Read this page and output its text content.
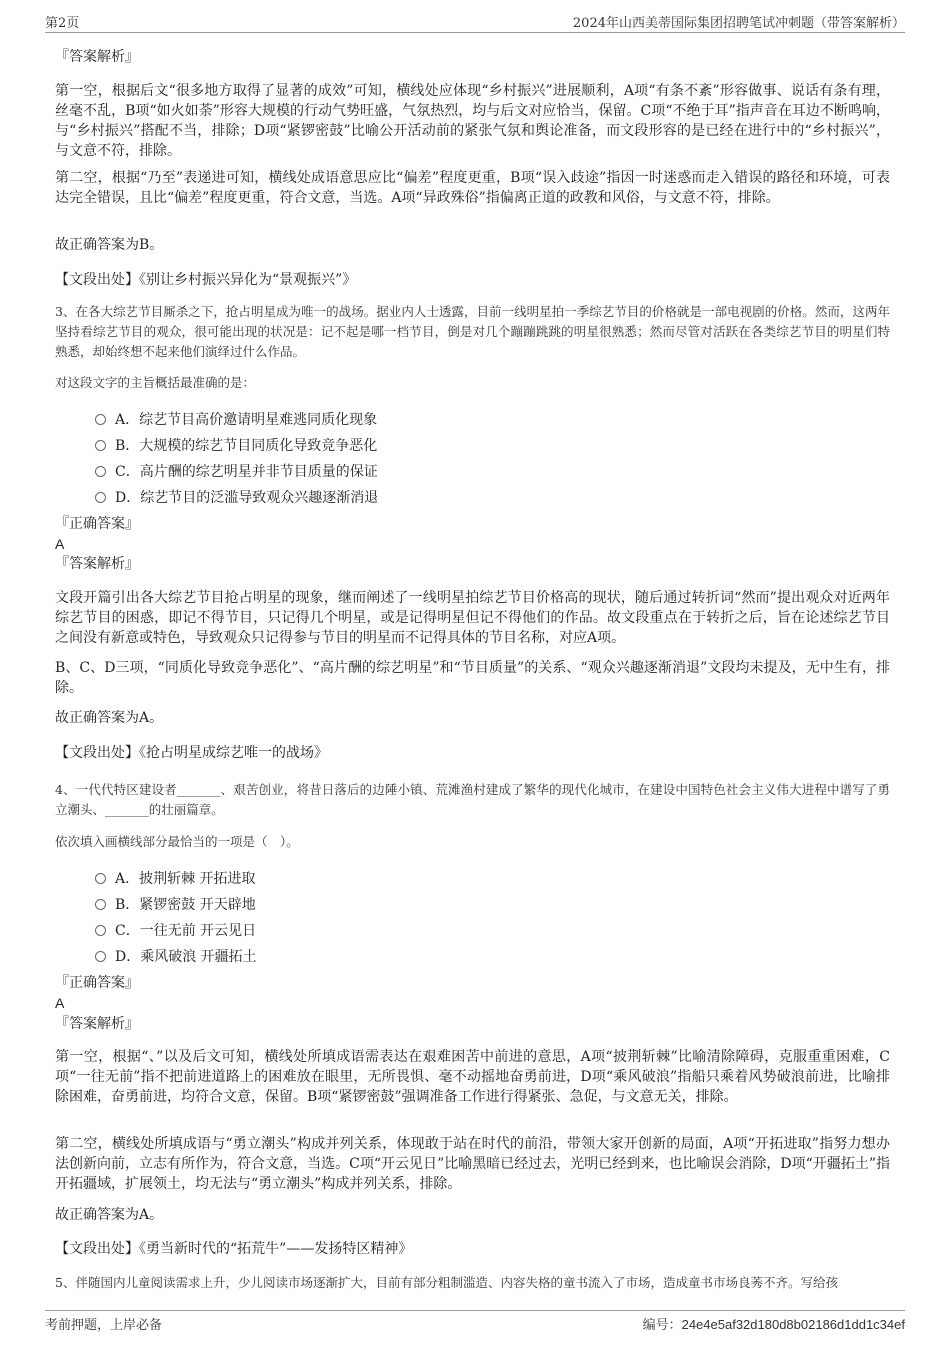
第2页	2024年山西美蒂国际集团招聘笔试冲刺题（带答案解析）

『答案解析』

第一空，根据后文“很多地方取得了显著的成效”可知，横线处应体现“乡村振兴”进展顺利，A项“有条不紊”形容做事、说话有条有理，丝毫不乱，B项“如火如荼”形容大规模的行动气势旺盛，气氛热烈，均与后文对应恰当，保留。C项“不绝于耳”指声音在耳边不断鸣响，与“乡村振兴”搭配不当，排除；D项“紧锣密鼓”比喻公开活动前的紧张气氛和舆论准备，而文段形容的是已经在进行中的“乡村振兴”，与文意不符，排除。

第二空，根据“乃至”表递进可知，横线处成语意思应比“偏差”程度更重，B项“误入歧途”指因一时迷惑而走入错误的路径和环境，可表达完全错误，且比“偏差”程度更重，符合文意，当选。A项“异政殊俗”指偏离正道的政教和风俗，与文意不符，排除。

故正确答案为B。

【文段出处】《别让乡村振兴异化为“景观振兴”》

3、在各大综艺节目厮杀之下，抢占明星成为唯一的战场。据业内人士透露，目前一线明星拍一季综艺节目的价格就是一部电视剧的价格。然而，这两年坚持看综艺节目的观众，很可能出现的状况是：记不起是哪一档节目，倒是对几个蹦蹦跳跳的明星很熟悉；然而尽管对活跃在各类综艺节目的明星们特熟悉，却始终想不起来他们演绎过什么作品。

对这段文字的主旨概括最准确的是：

A．综艺节目高价邀请明星难逃同质化现象
B．大规模的综艺节目同质化导致竞争恶化
C．高片酬的综艺明星并非节目质量的保证
D．综艺节目的泛滥导致观众兴趣逐渐消退

『正确答案』

A

『答案解析』

文段开篇引出各大综艺节目抢占明星的现象，继而阐述了一线明星拍综艺节目价格高的现状，随后通过转折词“然而”提出观众对近两年综艺节目的困惑，即记不得节目，只记得几个明星，或是记得明星但记不得他们的作品。故文段重点在于转折之后，旨在论述综艺节目之间没有新意或特色，导致观众只记得参与节目的明星而不记得具体的节目名称，对应A项。

B、C、D三项，“同质化导致竞争恶化”、“高片酬的综艺明星”和“节目质量”的关系、“观众兴趣逐渐消退”文段均未提及，无中生有，排除。

故正确答案为A。

【文段出处】《抢占明星成综艺唯一的战场》

4、一代代特区建设者_______、艰苦创业，将昔日落后的边陲小镇、荒滩渔村建成了繁华的现代化城市，在建设中国特色社会主义伟大进程中谱写了勇立潮头、_______的壮丽篇章。

依次填入画横线部分最恰当的一项是（　）。

A．披荆斩棘 开拓进取
B．紧锣密鼓 开天辟地
C．一往无前 开云见日
D．乘风破浪 开疆拓土

『正确答案』

A

『答案解析』

第一空，根据“、”以及后文可知，横线处所填成语需表达在艰难困苦中前进的意思，A项“披荆斩棘”比喻清除障碍，克服重重困难，C项“一往无前”指不把前进道路上的困难放在眼里，无所畏惧、毫不动摇地奋勇前进，D项“乘风破浪”指船只乘着风势破浪前进，比喻排除困难，奋勇前进，均符合文意，保留。B项“紧锣密鼓”强调准备工作进行得紧张、急促，与文意无关，排除。

第二空，横线处所填成语与“勇立潮头”构成并列关系，体现敢于站在时代的前沿，带领大家开创新的局面，A项“开拓进取”指努力想办法创新向前，立志有所作为，符合文意，当选。C项“开云见日”比喻黑暗已经过去，光明已经到来，也比喻误会消除，D项“开疆拓土”指开拓疆域，扩展领土，均无法与“勇立潮头”构成并列关系，排除。

故正确答案为A。

【文段出处】《勇当新时代的“拓荒牛”——发扬特区精神》

5、伴随国内儿童阅读需求上升，少儿阅读市场逐渐扩大，目前有部分粗制滥造、内容失格的童书流入了市场，造成童书市场良莠不齐。写给孩

考前押题，上岸必备	编号：24e4e5af32d180d8b02186d1dd1c34ef
